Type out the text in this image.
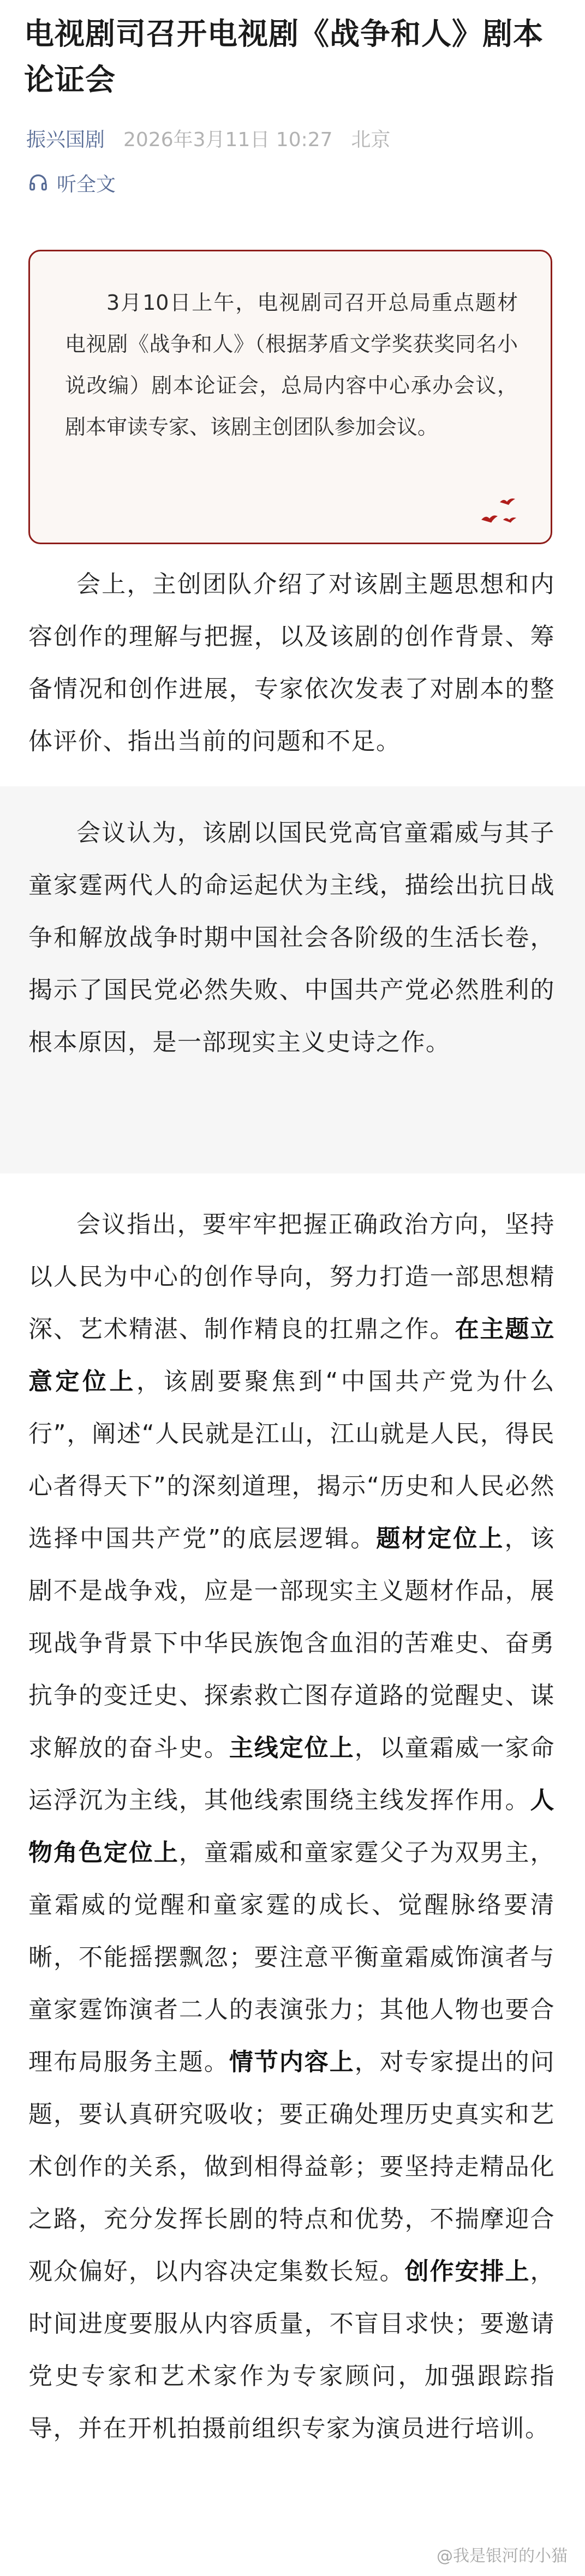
电视剧司召开电视剧《战争和人》剧本论证会
振兴国剧 2026年3月11日 10:27 北京
听全文

3月10日上午，电视剧司召开总局重点题材电视剧《战争和人》（根据茅盾文学奖获奖同名小说改编）剧本论证会，总局内容中心承办会议，剧本审读专家、该剧主创团队参加会议。

会上，主创团队介绍了对该剧主题思想和内容创作的理解与把握，以及该剧的创作背景、筹备情况和创作进展，专家依次发表了对剧本的整体评价、指出当前的问题和不足。

会议认为，该剧以国民党高官童霜威与其子童家霆两代人的命运起伏为主线，描绘出抗日战争和解放战争时期中国社会各阶级的生活长卷，揭示了国民党必然失败、中国共产党必然胜利的根本原因，是一部现实主义史诗之作。

会议指出，要牢牢把握正确政治方向，坚持以人民为中心的创作导向，努力打造一部思想精深、艺术精湛、制作精良的扛鼎之作。在主题立意定位上，该剧要聚焦到“中国共产党为什么行”，阐述“人民就是江山，江山就是人民，得民心者得天下”的深刻道理，揭示“历史和人民必然选择中国共产党”的底层逻辑。题材定位上，该剧不是战争戏，应是一部现实主义题材作品，展现战争背景下中华民族饱含血泪的苦难史、奋勇抗争的变迁史、探索救亡图存道路的觉醒史、谋求解放的奋斗史。主线定位上，以童霜威一家命运浮沉为主线，其他线索围绕主线发挥作用。人物角色定位上，童霜威和童家霆父子为双男主，童霜威的觉醒和童家霆的成长、觉醒脉络要清晰，不能摇摆飘忽；要注意平衡童霜威饰演者与童家霆饰演者二人的表演张力；其他人物也要合理布局服务主题。情节内容上，对专家提出的问题，要认真研究吸收；要正确处理历史真实和艺术创作的关系，做到相得益彰；要坚持走精品化之路，充分发挥长剧的特点和优势，不揣摩迎合观众偏好，以内容决定集数长短。创作安排上，时间进度要服从内容质量，不盲目求快；要邀请党史专家和艺术家作为专家顾问，加强跟踪指导，并在开机拍摄前组织专家为演员进行培训。

@我是银河的小猫
